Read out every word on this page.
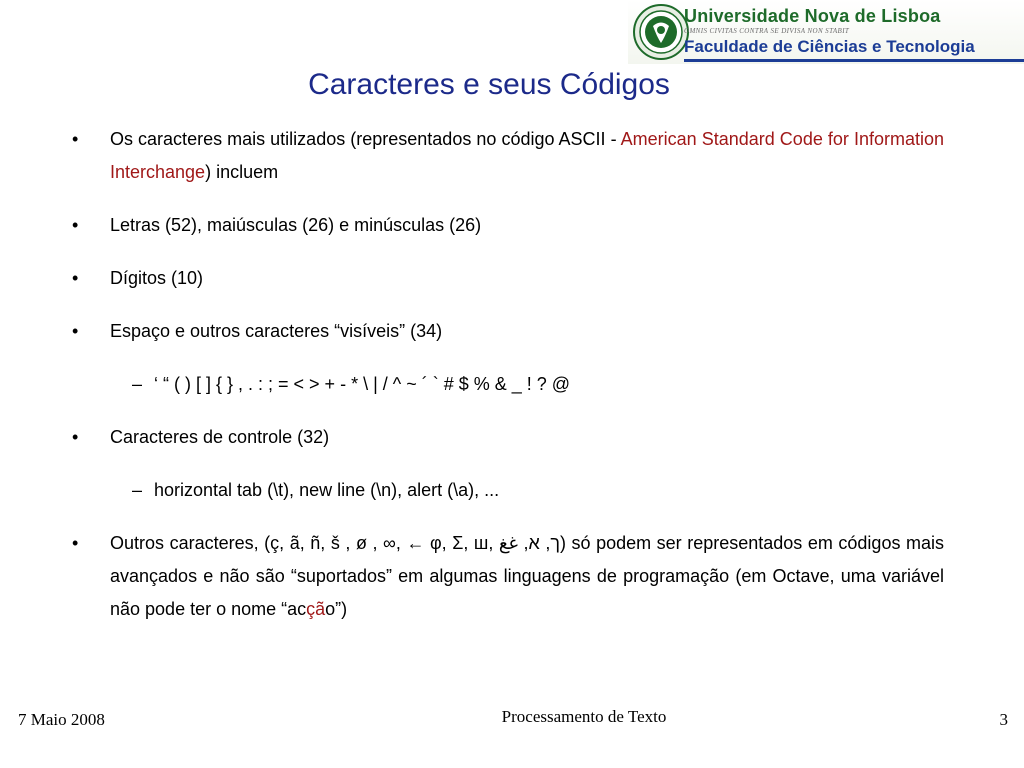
Universidade Nova de Lisboa
OMNIS CIVITAS CONTRA SE DIVISA NON STABIT
Faculdade de Ciências e Tecnologia
Caracteres e seus Códigos
• Os caracteres mais utilizados (representados no código ASCII - American Standard Code for Information Interchange) incluem
• Letras (52), maiúsculas (26) e minúsculas (26)
• Dígitos (10)
• Espaço e outros caracteres “visíveis” (34)
– ‘ “ ( ) [ ] { } , . : ; = < > + - * \ | / ^ ~ ´ ` # $ % & _ ! ? @
• Caracteres de controle (32)
– horizontal tab (\t), new line (\n), alert (\a), ...
• Outros caracteres, (ç, ã, ñ, š , ø , ∞, ← φ, Σ, ш, ך, א, غغ) só podem ser representados em códigos mais avançados e não são “suportados” em algumas linguagens de programação (em Octave, uma variável não pode ter o nome “acção”)
7 Maio 2008	Processamento de Texto	3
